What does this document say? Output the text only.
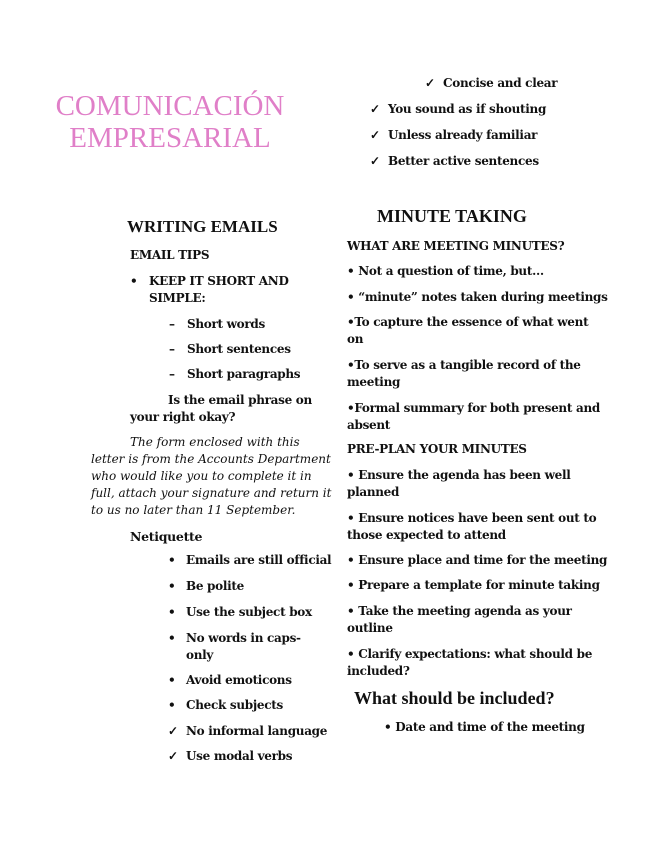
COMUNICACIÓN
EMPRESARIAL
✓ Concise and clear
✓ You sound as if shouting
✓ Unless already familiar
✓ Better active sentences
WRITING EMAILS
EMAIL TIPS
• KEEP IT SHORT AND
SIMPLE:
– Short words
– Short sentences
– Short paragraphs
Is the email phrase on
your right okay?
The form enclosed with this
letter is from the Accounts Department
who would like you to complete it in
full, attach your signature and return it
to us no later than 11 September.
Netiquette
• Emails are still official
• Be polite
• Use the subject box
• No words in caps-
only
• Avoid emoticons
• Check subjects
✓ No informal language
✓ Use modal verbs
MINUTE TAKING
WHAT ARE MEETING MINUTES?
• Not a question of time, but…
• “minute” notes taken during meetings
•To capture the essence of what went
on
•To serve as a tangible record of the
meeting
•Formal summary for both present and
absent
PRE-PLAN YOUR MINUTES
• Ensure the agenda has been well
planned
• Ensure notices have been sent out to
those expected to attend
• Ensure place and time for the meeting
• Prepare a template for minute taking
• Take the meeting agenda as your
outline
• Clarify expectations: what should be
included?
What should be included?
• Date and time of the meeting
